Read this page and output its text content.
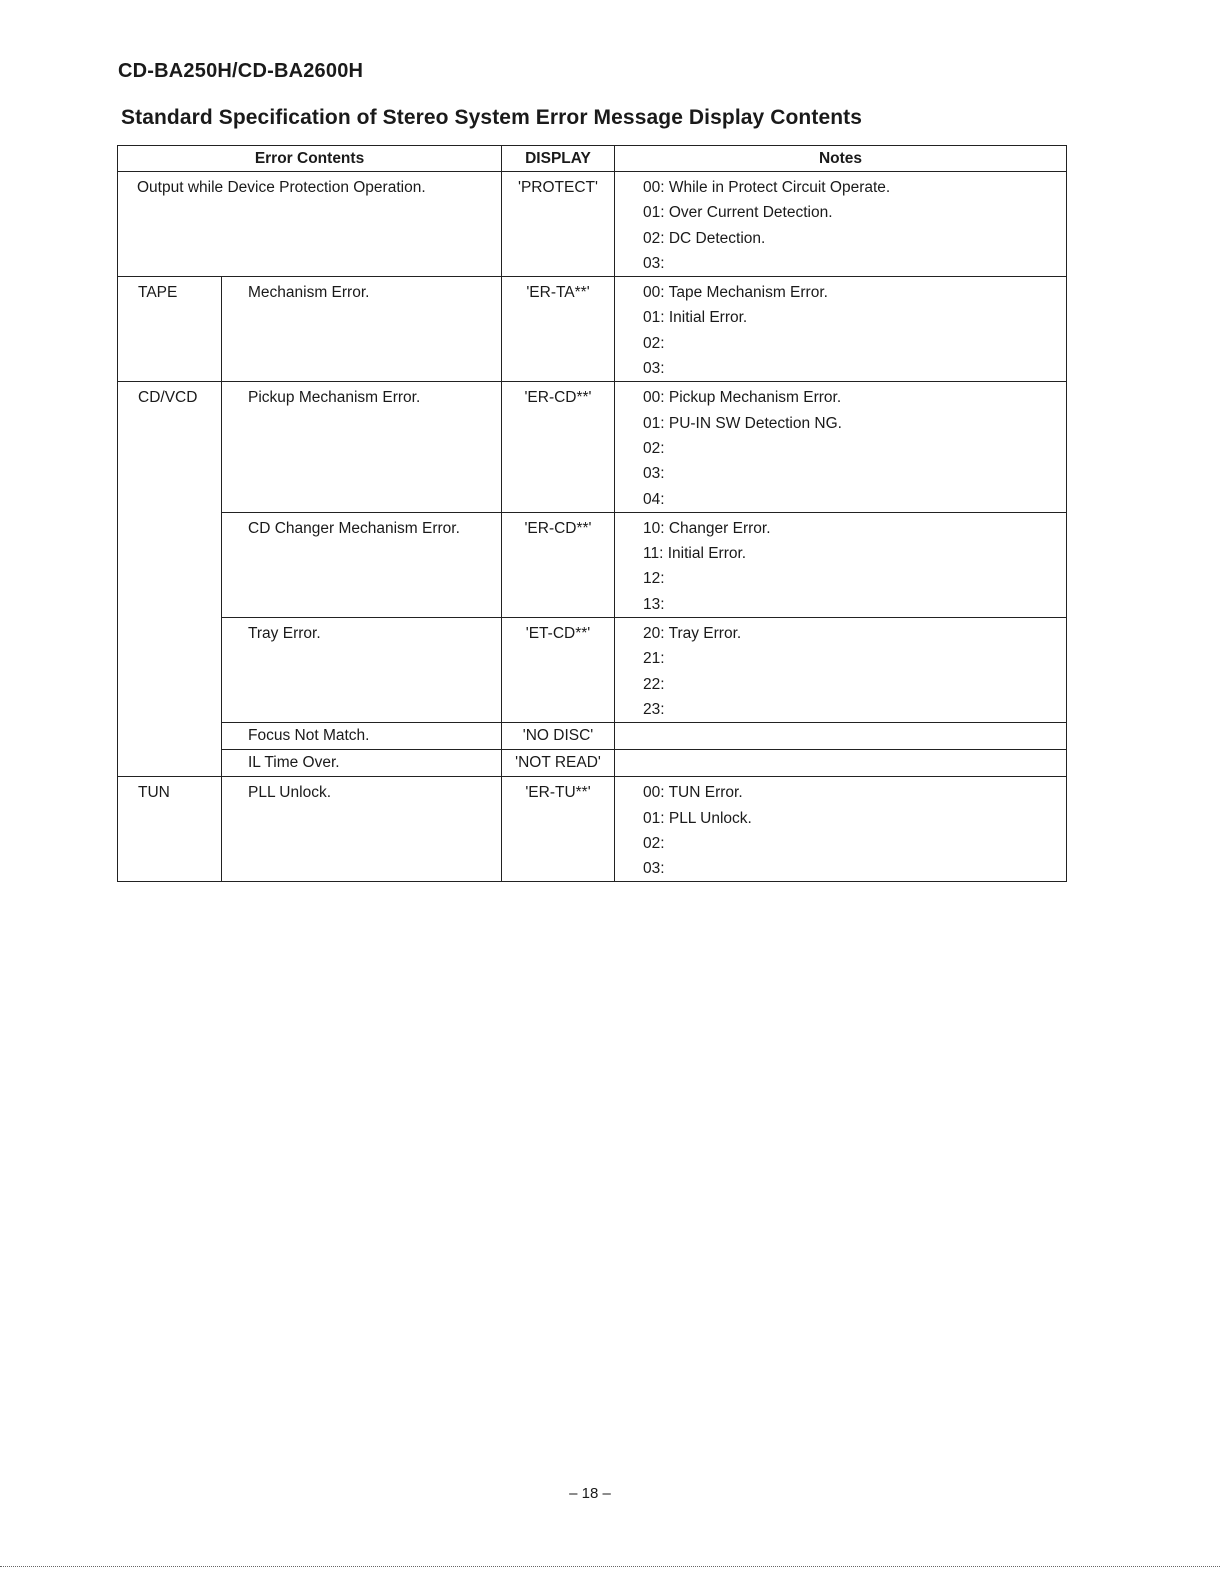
CD-BA250H/CD-BA2600H
Standard Specification of Stereo System Error Message Display Contents
Error Contents		DISPLAY	Notes

Output while Device Protection Operation.		'PROTECT'	00: While in Protect Circuit Operate.
01: Over Current Detection.
02: DC Detection.
03:

TAPE	Mechanism Error.	'ER-TA**'	00: Tape Mechanism Error.
01: Initial Error.
02:
03:

CD/VCD	Pickup Mechanism Error.	'ER-CD**'	00: Pickup Mechanism Error.
01: PU-IN SW Detection NG.
02:
03:
04:

	CD Changer Mechanism Error.	'ER-CD**'	10: Changer Error.
11: Initial Error.
12:
13:

	Tray Error.	'ET-CD**'	20: Tray Error.
21:
22:
23:

	Focus Not Match.	'NO DISC'	

	IL Time Over.	'NOT READ'	

TUN	PLL Unlock.	'ER-TU**'	00: TUN Error.
01: PLL Unlock.
02:
03:
– 18 –
